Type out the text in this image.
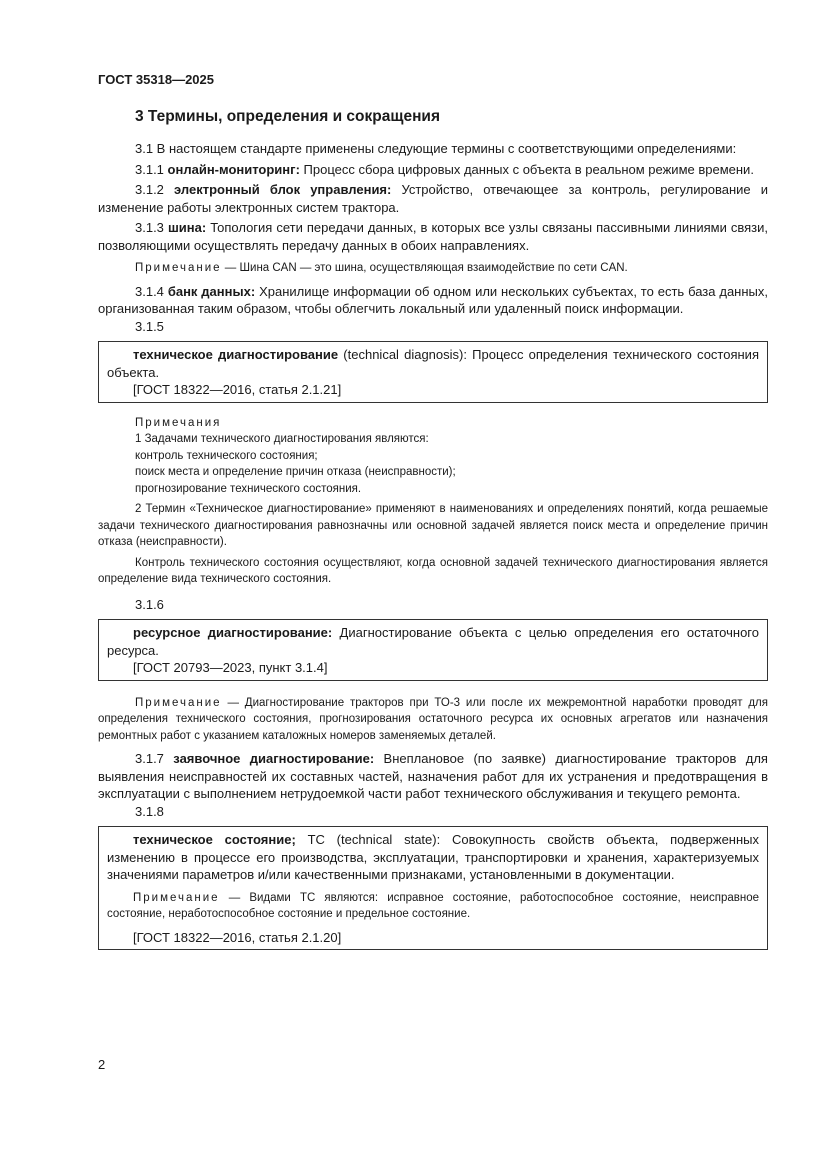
ГОСТ 35318—2025
3 Термины, определения и сокращения

3.1 В настоящем стандарте применены следующие термины с соответствующими определениями:

3.1.1 онлайн-мониторинг: Процесс сбора цифровых данных с объекта в реальном режиме времени.

3.1.2 электронный блок управления: Устройство, отвечающее за контроль, регулирование и изменение работы электронных систем трактора.

3.1.3 шина: Топология сети передачи данных, в которых все узлы связаны пассивными линиями связи, позволяющими осуществлять передачу данных в обоих направлениях.

Примечание — Шина CAN — это шина, осуществляющая взаимодействие по сети CAN.

3.1.4 банк данных: Хранилище информации об одном или нескольких субъектах, то есть база данных, организованная таким образом, чтобы облегчить локальный или удаленный поиск информации.

3.1.5

техническое диагностирование (technical diagnosis): Процесс определения технического состояния объекта.

[ГОСТ 18322—2016, статья 2.1.21]

Примечания

1 Задачами технического диагностирования являются:

контроль технического состояния;

поиск места и определение причин отказа (неисправности);

прогнозирование технического состояния.

2 Термин «Техническое диагностирование» применяют в наименованиях и определениях понятий, когда решаемые задачи технического диагностирования равнозначны или основной задачей является поиск места и определение причин отказа (неисправности).

Контроль технического состояния осуществляют, когда основной задачей технического диагностирования является определение вида технического состояния.

3.1.6

ресурсное диагностирование: Диагностирование объекта с целью определения его остаточного ресурса.

[ГОСТ 20793—2023, пункт 3.1.4]

Примечание — Диагностирование тракторов при ТО-3 или после их межремонтной наработки проводят для определения технического состояния, прогнозирования остаточного ресурса их основных агрегатов или назначения ремонтных работ с указанием каталожных номеров заменяемых деталей.

3.1.7 заявочное диагностирование: Внеплановое (по заявке) диагностирование тракторов для выявления неисправностей их составных частей, назначения работ для их устранения и предотвращения в эксплуатации с выполнением нетрудоемкой части работ технического обслуживания и текущего ремонта.

3.1.8

техническое состояние; ТС (technical state): Совокупность свойств объекта, подверженных изменению в процессе его производства, эксплуатации, транспортировки и хранения, характеризуемых значениями параметров и/или качественными признаками, установленными в документации.

Примечание — Видами ТС являются: исправное состояние, работоспособное состояние, неисправное состояние, неработоспособное состояние и предельное состояние.

[ГОСТ 18322—2016, статья 2.1.20]
2
